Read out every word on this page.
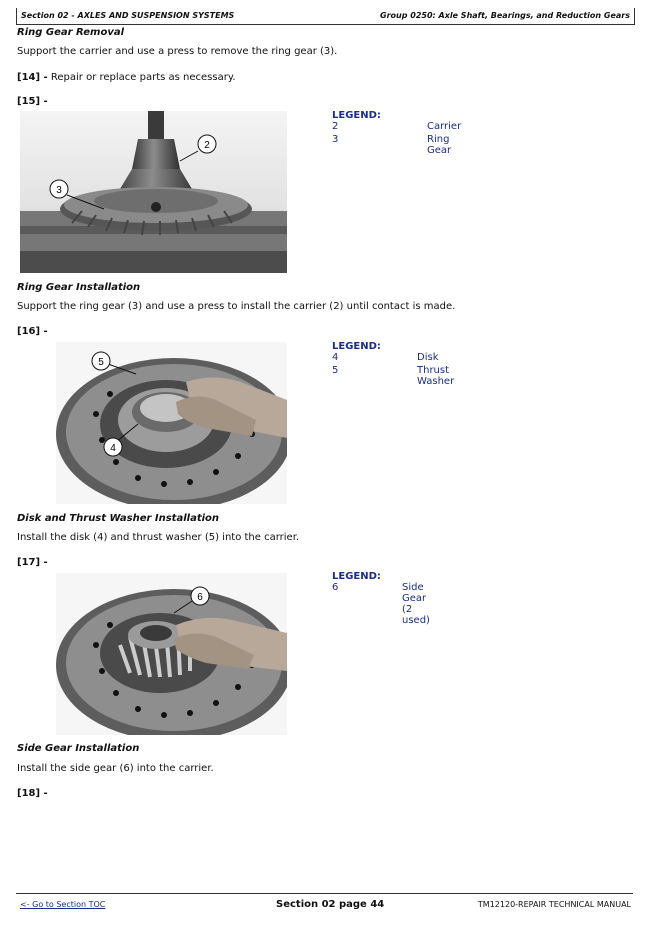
Section 02 - AXLES AND SUSPENSION SYSTEMS	Group 0250: Axle Shaft, Bearings, and Reduction Gears
Ring Gear Removal
Support the carrier and use a press to remove the ring gear (3).
[14] - Repair or replace parts as necessary.
[15] -
2
3
LEGEND:
2	Carrier
3	Ring Gear
Ring Gear Installation
Support the ring gear (3) and use a press to install the carrier (2) until contact is made.
[16] -
5
4
LEGEND:
4	Disk
5	Thrust Washer
Disk and Thrust Washer Installation
Install the disk (4) and thrust washer (5) into the carrier.
[17] -
6
LEGEND:
6	Side Gear (2 used)
Side Gear Installation
Install the side gear (6) into the carrier.
[18] -
<- Go to Section TOC	Section 02 page 44	TM12120-REPAIR TECHNICAL MANUAL
